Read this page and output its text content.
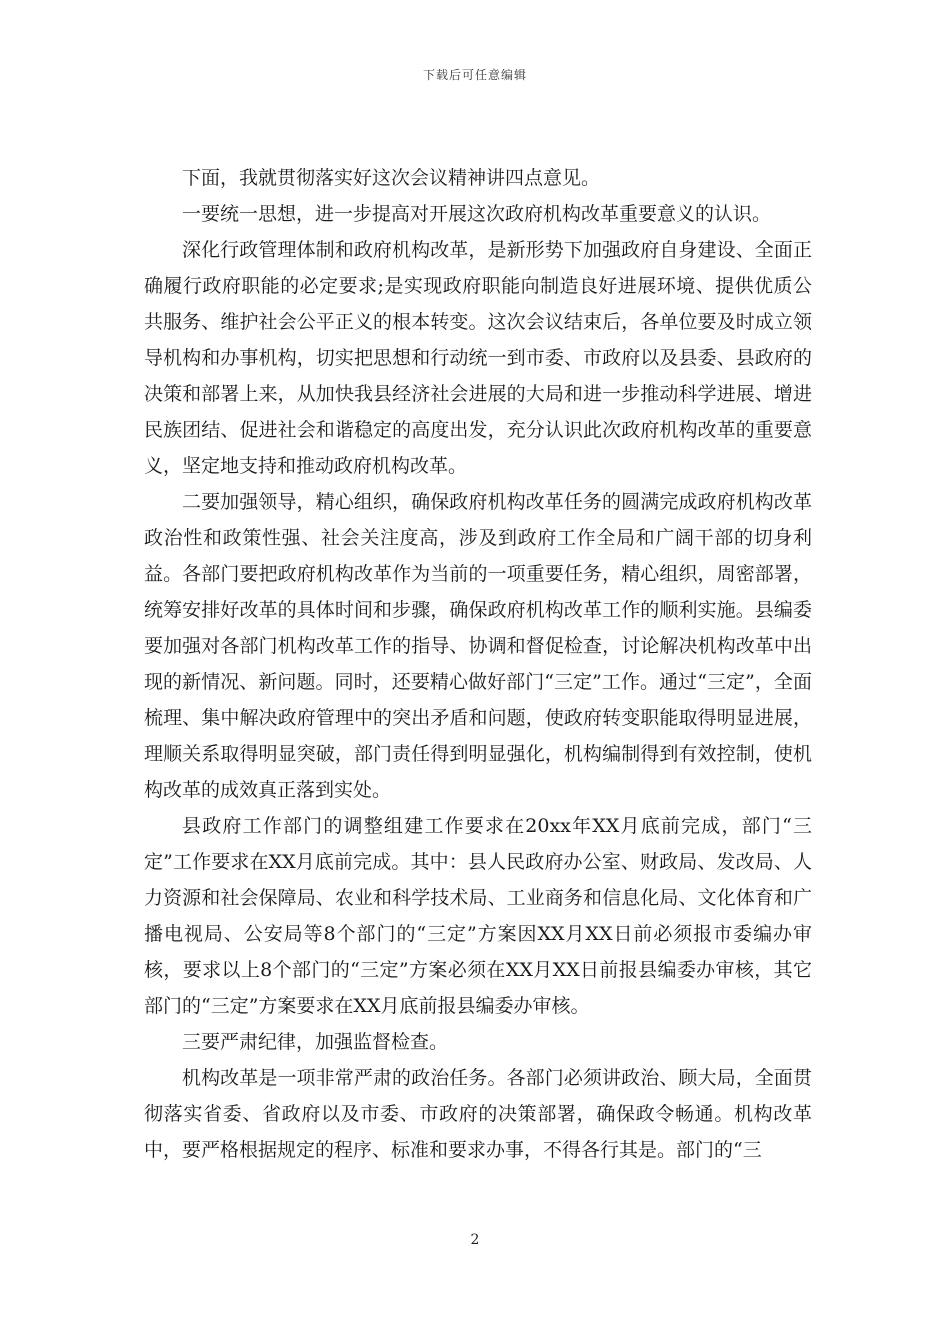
下载后可任意编辑

下面，我就贯彻落实好这次会议精神讲四点意见。

一要统一思想，进一步提高对开展这次政府机构改革重要意义的认识。

深化行政管理体制和政府机构改革，是新形势下加强政府自身建设、全面正确履行政府职能的必定要求;是实现政府职能向制造良好进展环境、提供优质公共服务、维护社会公平正义的根本转变。这次会议结束后，各单位要及时成立领导机构和办事机构，切实把思想和行动统一到市委、市政府以及县委、县政府的决策和部署上来，从加快我县经济社会进展的大局和进一步推动科学进展、增进民族团结、促进社会和谐稳定的高度出发，充分认识此次政府机构改革的重要意义，坚定地支持和推动政府机构改革。

二要加强领导，精心组织，确保政府机构改革任务的圆满完成政府机构改革政治性和政策性强、社会关注度高，涉及到政府工作全局和广阔干部的切身利益。各部门要把政府机构改革作为当前的一项重要任务，精心组织，周密部署，统筹安排好改革的具体时间和步骤，确保政府机构改革工作的顺利实施。县编委要加强对各部门机构改革工作的指导、协调和督促检查，讨论解决机构改革中出现的新情况、新问题。同时，还要精心做好部门“三定”工作。通过“三定”，全面梳理、集中解决政府管理中的突出矛盾和问题，使政府转变职能取得明显进展，理顺关系取得明显突破，部门责任得到明显强化，机构编制得到有效控制，使机构改革的成效真正落到实处。

县政府工作部门的调整组建工作要求在20xx年XX月底前完成，部门“三定”工作要求在XX月底前完成。其中：县人民政府办公室、财政局、发改局、人力资源和社会保障局、农业和科学技术局、工业商务和信息化局、文化体育和广播电视局、公安局等8个部门的“三定”方案因XX月XX日前必须报市委编办审核，要求以上8个部门的“三定”方案必须在XX月XX日前报县编委办审核，其它部门的“三定”方案要求在XX月底前报县编委办审核。

三要严肃纪律，加强监督检查。

机构改革是一项非常严肃的政治任务。各部门必须讲政治、顾大局，全面贯彻落实省委、省政府以及市委、市政府的决策部署，确保政令畅通。机构改革中，要严格根据规定的程序、标准和要求办事，不得各行其是。部门的“三

2
